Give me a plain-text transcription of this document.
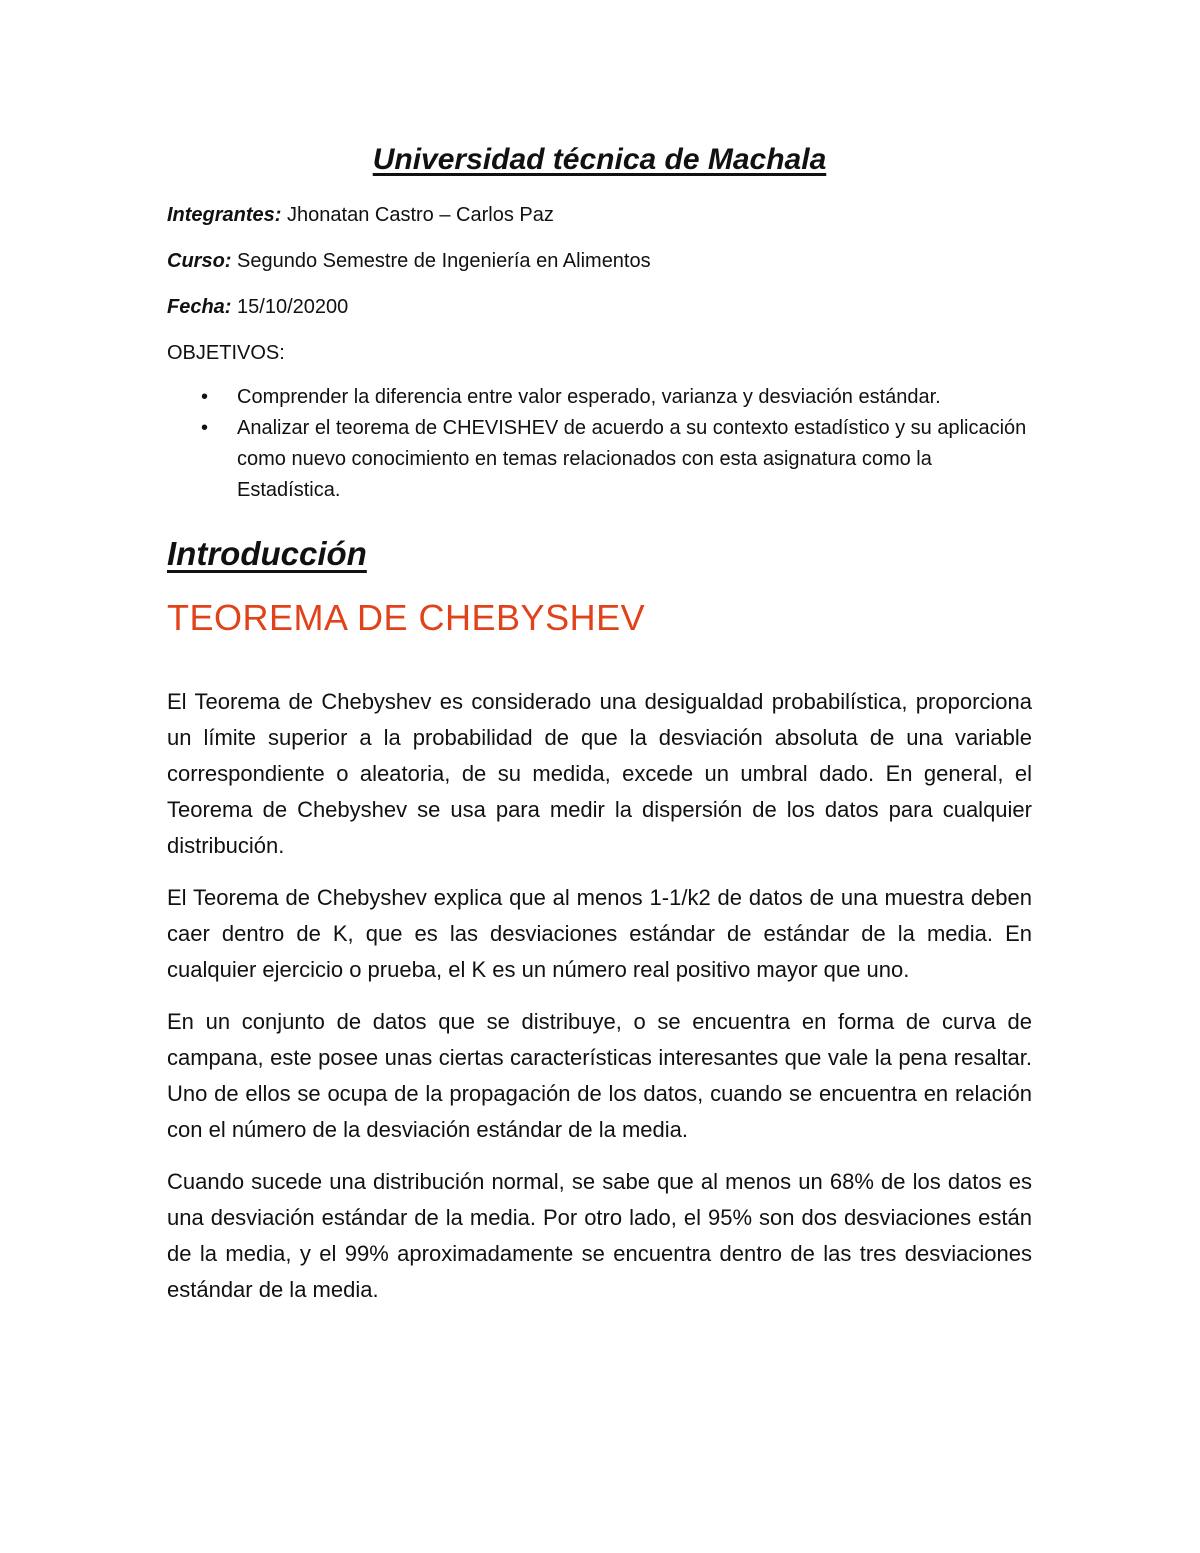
Universidad técnica de Machala

Integrantes: Jhonatan Castro – Carlos Paz

Curso: Segundo Semestre de Ingeniería en Alimentos

Fecha: 15/10/20200

OBJETIVOS:

• Comprender la diferencia entre valor esperado, varianza y desviación estándar.
• Analizar el teorema de CHEVISHEV de acuerdo a su contexto estadístico y su aplicación como nuevo conocimiento en temas relacionados con esta asignatura como la Estadística.
Introducción
TEOREMA DE CHEBYSHEV

El Teorema de Chebyshev es considerado una desigualdad probabilística, proporciona un límite superior a la probabilidad de que la desviación absoluta de una variable correspondiente o aleatoria, de su medida, excede un umbral dado. En general, el Teorema de Chebyshev se usa para medir la dispersión de los datos para cualquier distribución.

El Teorema de Chebyshev explica que al menos 1-1/k2 de datos de una muestra deben caer dentro de K, que es las desviaciones estándar de estándar de la media. En cualquier ejercicio o prueba, el K es un número real positivo mayor que uno.

En un conjunto de datos que se distribuye, o se encuentra en forma de curva de campana, este posee unas ciertas características interesantes que vale la pena resaltar. Uno de ellos se ocupa de la propagación de los datos, cuando se encuentra en relación con el número de la desviación estándar de la media.

Cuando sucede una distribución normal, se sabe que al menos un 68% de los datos es una desviación estándar de la media. Por otro lado, el 95% son dos desviaciones están de la media, y el 99% aproximadamente se encuentra dentro de las tres desviaciones estándar de la media.
